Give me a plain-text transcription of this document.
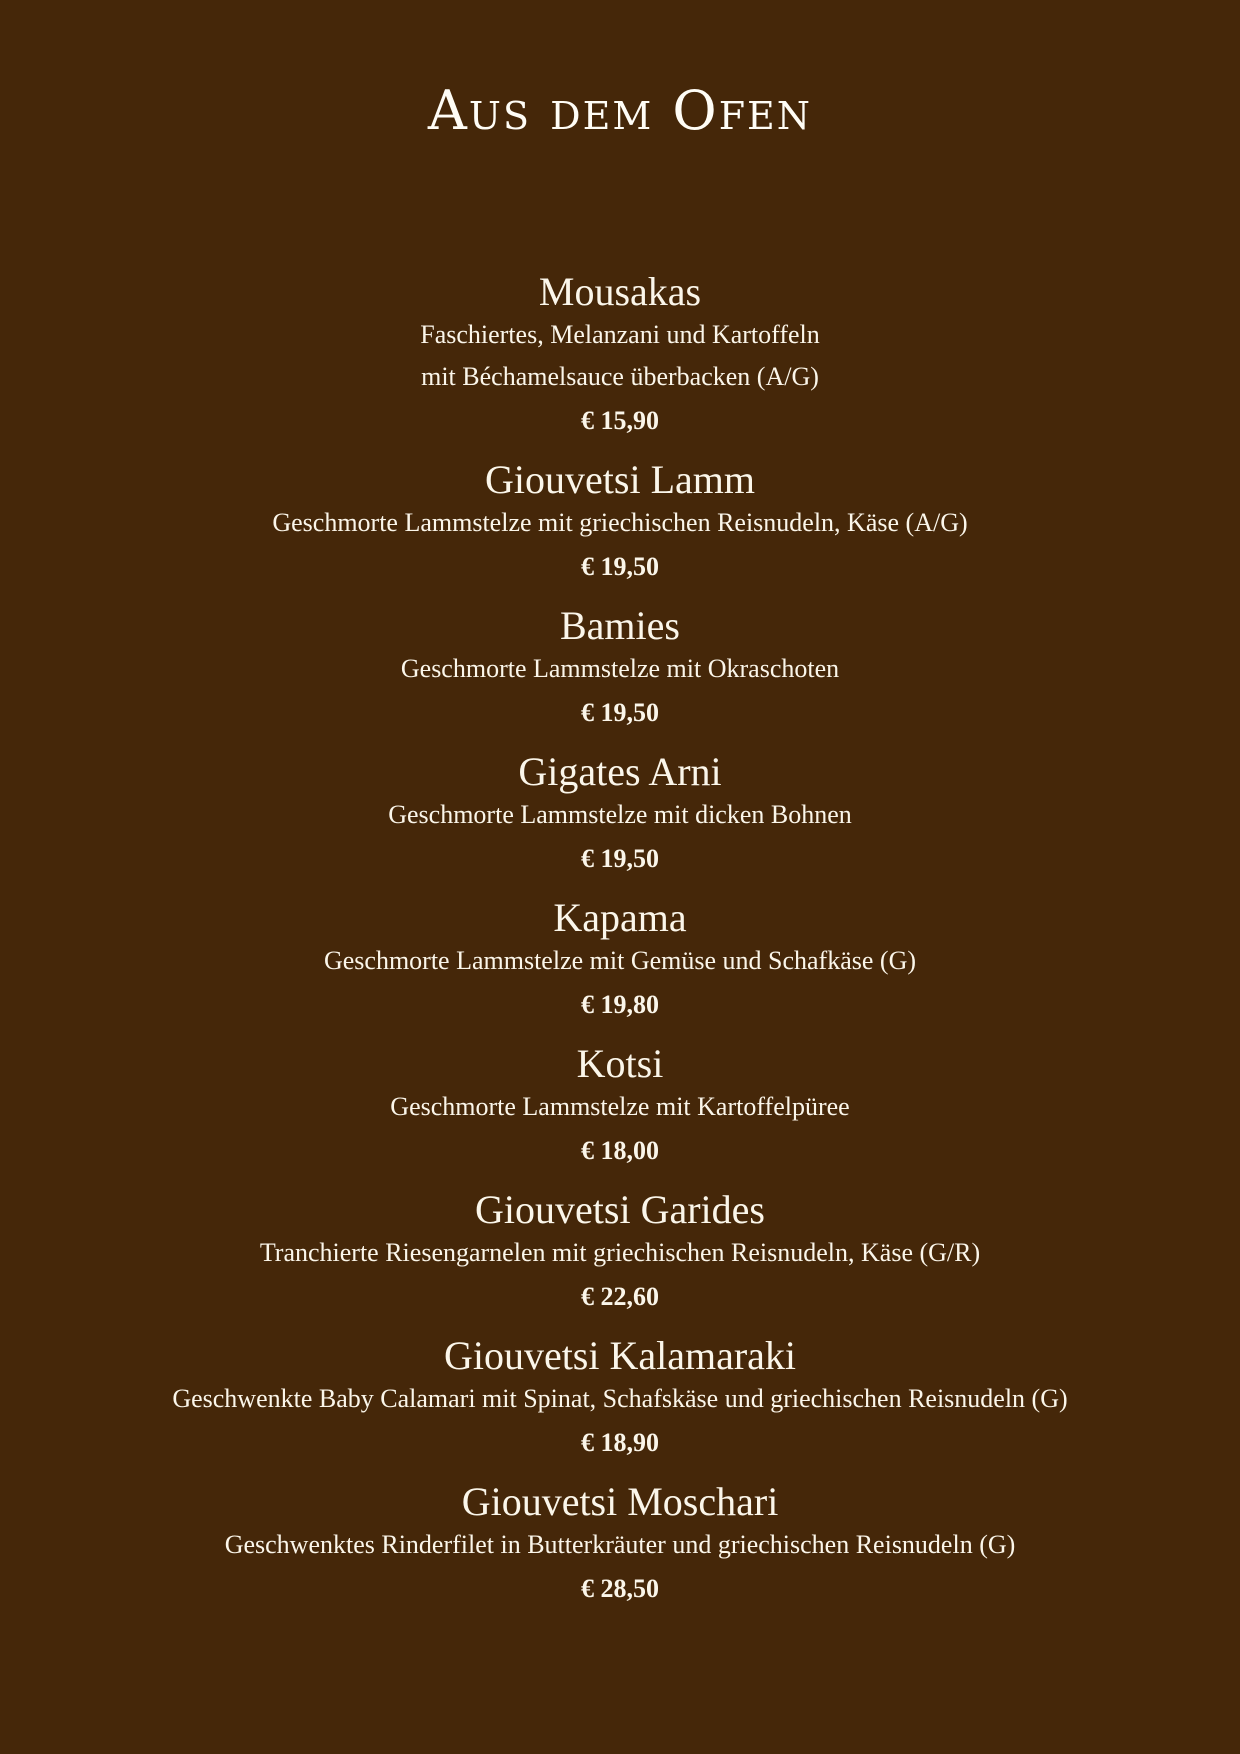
Aus dem Ofen
Mousakas
Faschiertes, Melanzani und Kartoffeln
mit Béchamelsauce überbacken (A/G)
€ 15,90
Giouvetsi Lamm
Geschmorte Lammstelze mit griechischen Reisnudeln, Käse (A/G)
€ 19,50
Bamies
Geschmorte Lammstelze mit Okraschoten
€ 19,50
Gigates Arni
Geschmorte Lammstelze mit dicken Bohnen
€ 19,50
Kapama
Geschmorte Lammstelze mit Gemüse und Schafkäse (G)
€ 19,80
Kotsi
Geschmorte Lammstelze mit Kartoffelpüree
€ 18,00
Giouvetsi Garides
Tranchierte Riesengarnelen mit griechischen Reisnudeln, Käse (G/R)
€ 22,60
Giouvetsi Kalamaraki
Geschwenkte Baby Calamari mit Spinat, Schafskäse und griechischen Reisnudeln (G)
€ 18,90
Giouvetsi Moschari
Geschwenktes Rinderfilet in Butterkräuter und griechischen Reisnudeln (G)
€ 28,50
